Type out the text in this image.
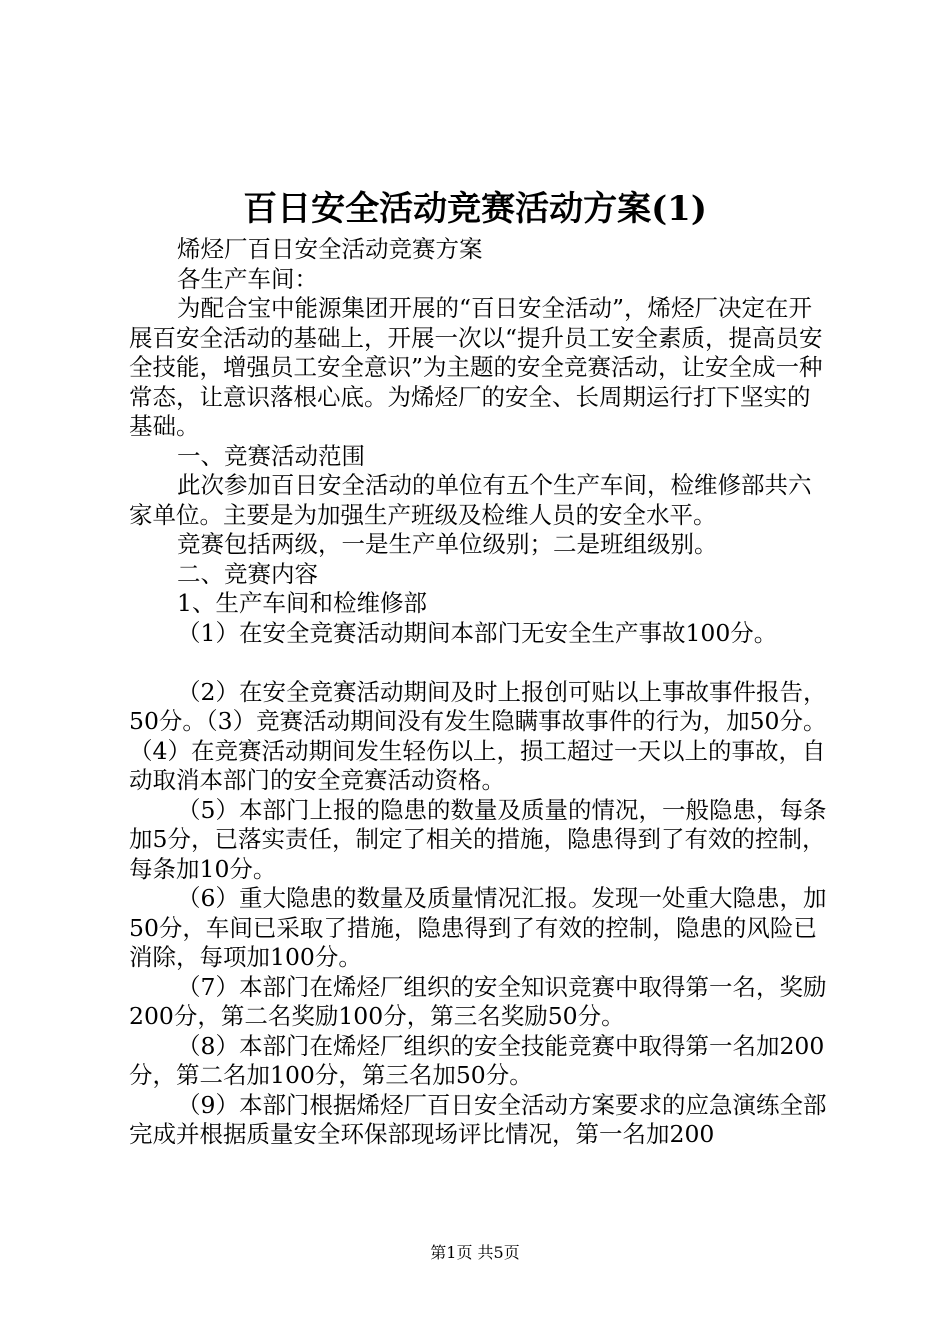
百日安全活动竞赛活动方案(1)

烯烃厂百日安全活动竞赛方案

各生产车间：

为配合宝中能源集团开展的“百日安全活动”，烯烃厂决定在开展百安全活动的基础上，开展一次以“提升员工安全素质，提高员安全技能，增强员工安全意识”为主题的安全竞赛活动，让安全成一种常态，让意识落根心底。为烯烃厂的安全、长周期运行打下坚实的基础。

一、竞赛活动范围

此次参加百日安全活动的单位有五个生产车间，检维修部共六家单位。主要是为加强生产班级及检维人员的安全水平。

竞赛包括两级，一是生产单位级别；二是班组级别。

二、竞赛内容

1、生产车间和检维修部

（1）在安全竞赛活动期间本部门无安全生产事故100分。

（2）在安全竞赛活动期间及时上报创可贴以上事故事件报告，50分。（3）竞赛活动期间没有发生隐瞒事故事件的行为，加50分。（4）在竞赛活动期间发生轻伤以上，损工超过一天以上的事故，自动取消本部门的安全竞赛活动资格。

（5）本部门上报的隐患的数量及质量的情况，一般隐患，每条加5分，已落实责任，制定了相关的措施，隐患得到了有效的控制，每条加10分。

（6）重大隐患的数量及质量情况汇报。发现一处重大隐患，加50分，车间已采取了措施，隐患得到了有效的控制，隐患的风险已消除，每项加100分。

（7）本部门在烯烃厂组织的安全知识竞赛中取得第一名，奖励200分，第二名奖励100分，第三名奖励50分。

（8）本部门在烯烃厂组织的安全技能竞赛中取得第一名加200分，第二名加100分，第三名加50分。

（9）本部门根据烯烃厂百日安全活动方案要求的应急演练全部完成并根据质量安全环保部现场评比情况，第一名加200

第1页 共5页
